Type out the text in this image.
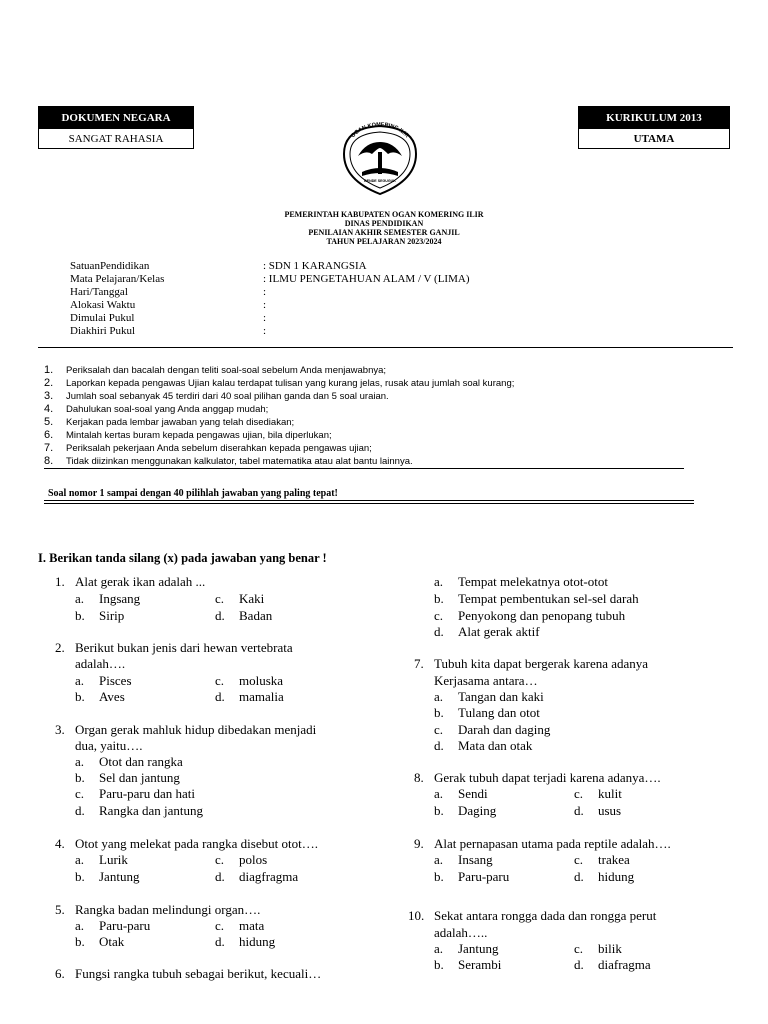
DOKUMEN NEGARA
SANGAT RAHASIA
KURIKULUM 2013
UTAMA
OGAN KOMERING ILIR
BENDE SEGUGUK
PEMERINTAH KABUPATEN OGAN KOMERING ILIR
DINAS PENDIDIKAN
PENILAIAN AKHIR SEMESTER GANJIL
TAHUN PELAJARAN 2023/2024
SatuanPendidikan	: SDN 1 KARANGSIA
Mata Pelajaran/Kelas	: ILMU PENGETAHUAN ALAM / V (LIMA)
Hari/Tanggal	:
Alokasi Waktu	:
Dimulai Pukul	:
Diakhiri Pukul	:
1. Periksalah dan bacalah dengan teliti soal-soal sebelum Anda menjawabnya;
2. Laporkan kepada pengawas Ujian kalau terdapat tulisan yang kurang jelas, rusak atau jumlah soal kurang;
3. Jumlah soal sebanyak 45 terdiri dari 40 soal pilihan ganda dan 5 soal uraian.
4. Dahulukan soal-soal yang Anda anggap mudah;
5. Kerjakan pada lembar jawaban yang telah disediakan;
6. Mintalah kertas buram kepada pengawas ujian, bila diperlukan;
7. Periksalah pekerjaan Anda sebelum diserahkan kepada pengawas ujian;
8. Tidak diizinkan menggunakan kalkulator, tabel matematika atau alat bantu lainnya.
Soal nomor 1 sampai dengan 40 pilihlah jawaban yang paling tepat!
I. Berikan tanda silang (x) pada jawaban yang benar !
1. Alat gerak ikan adalah ...
a. Ingsang	c. Kaki
b. Sirip	d. Badan
2. Berikut bukan jenis dari hewan vertebrata
adalah….
a. Pisces	c. moluska
b. Aves	d. mamalia
3. Organ gerak mahluk hidup dibedakan menjadi
dua, yaitu….
a. Otot dan rangka
b. Sel dan jantung
c. Paru-paru dan hati
d. Rangka dan jantung
4. Otot yang melekat pada rangka disebut otot….
a. Lurik	c. polos
b. Jantung	d. diagfragma
5. Rangka badan melindungi organ….
a. Paru-paru	c. mata
b. Otak	d. hidung
6. Fungsi rangka tubuh sebagai berikut, kecuali…
a. Tempat melekatnya otot-otot
b. Tempat pembentukan sel-sel darah
c. Penyokong dan penopang tubuh
d. Alat gerak aktif
7. Tubuh kita dapat bergerak karena adanya
Kerjasama antara…
a. Tangan dan kaki
b. Tulang dan otot
c. Darah dan daging
d. Mata dan otak
8. Gerak tubuh dapat terjadi karena adanya….
a. Sendi	c. kulit
b. Daging	d. usus
9. Alat pernapasan utama pada reptile adalah….
a. Insang	c. trakea
b. Paru-paru	d. hidung
10. Sekat antara rongga dada dan rongga perut
adalah…..
a. Jantung	c. bilik
b. Serambi	d. diafragma
